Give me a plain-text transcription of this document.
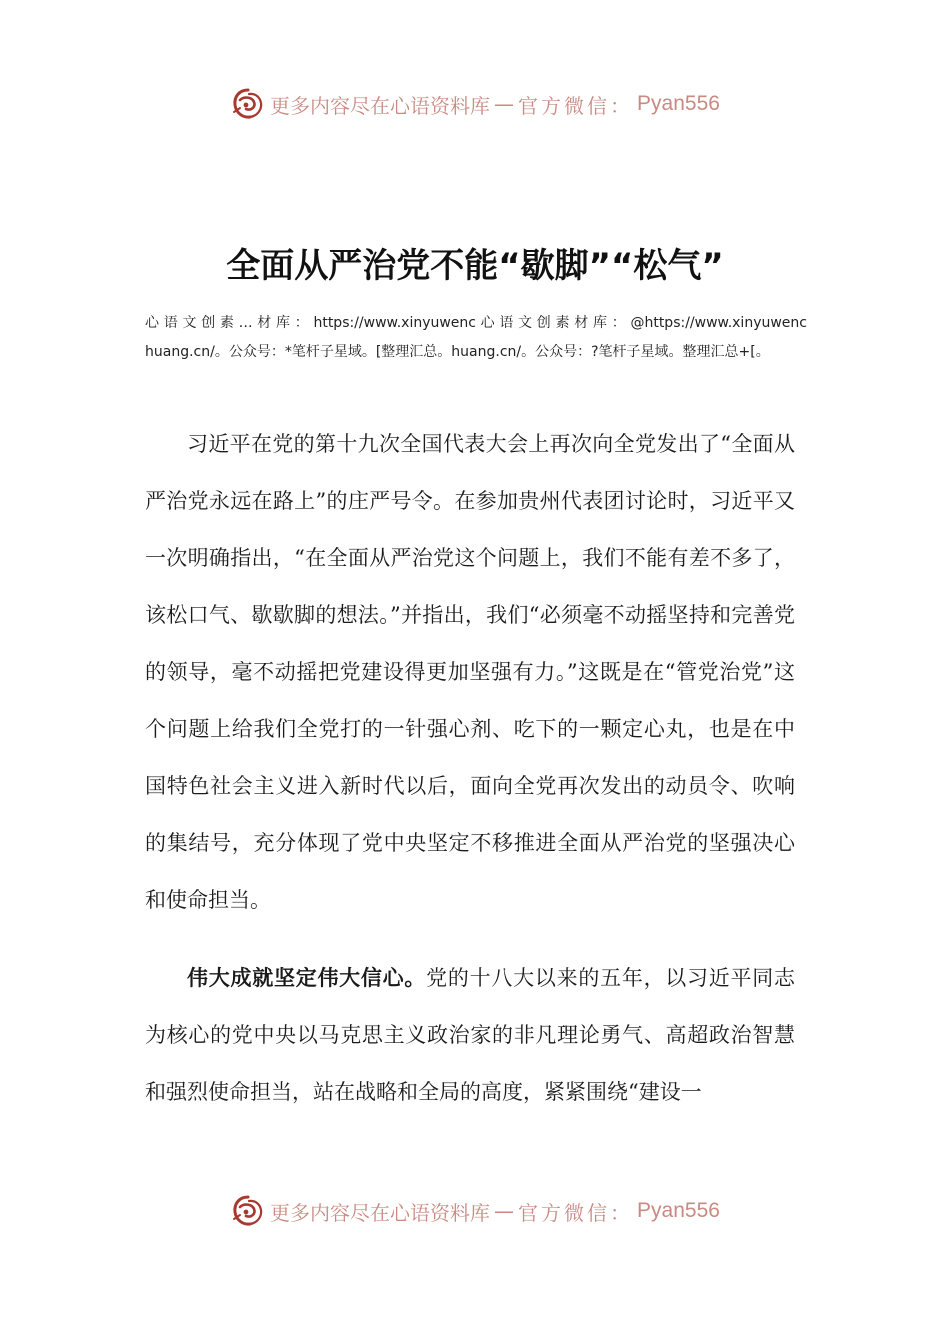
更多内容尽在心语资料库 — 官方微信： Pyan556
全面从严治党不能“歇脚”“松气”

心 语 文 创 素 … 材 库 ： https://www.xinyuwenc 心 语 文 创 素 材 库 ： @https://www.xinyuwenchuang.cn/。公众号：*笔杆子星域。[整理汇总。huang.cn/。公众号：?笔杆子星域。整理汇总+[。

习近平在党的第十九次全国代表大会上再次向全党发出了“全面从严治党永远在路上”的庄严号令。在参加贵州代表团讨论时，习近平又一次明确指出，“在全面从严治党这个问题上，我们不能有差不多了，该松口气、歇歇脚的想法。”并指出，我们“必须毫不动摇坚持和完善党的领导，毫不动摇把党建设得更加坚强有力。”这既是在“管党治党”这个问题上给我们全党打的一针强心剂、吃下的一颗定心丸，也是在中国特色社会主义进入新时代以后，面向全党再次发出的动员令、吹响的集结号，充分体现了党中央坚定不移推进全面从严治党的坚强决心和使命担当。

伟大成就坚定伟大信心。党的十八大以来的五年，以习近平同志为核心的党中央以马克思主义政治家的非凡理论勇气、高超政治智慧和强烈使命担当，站在战略和全局的高度，紧紧围绕“建设一

更多内容尽在心语资料库 — 官方微信： Pyan556
